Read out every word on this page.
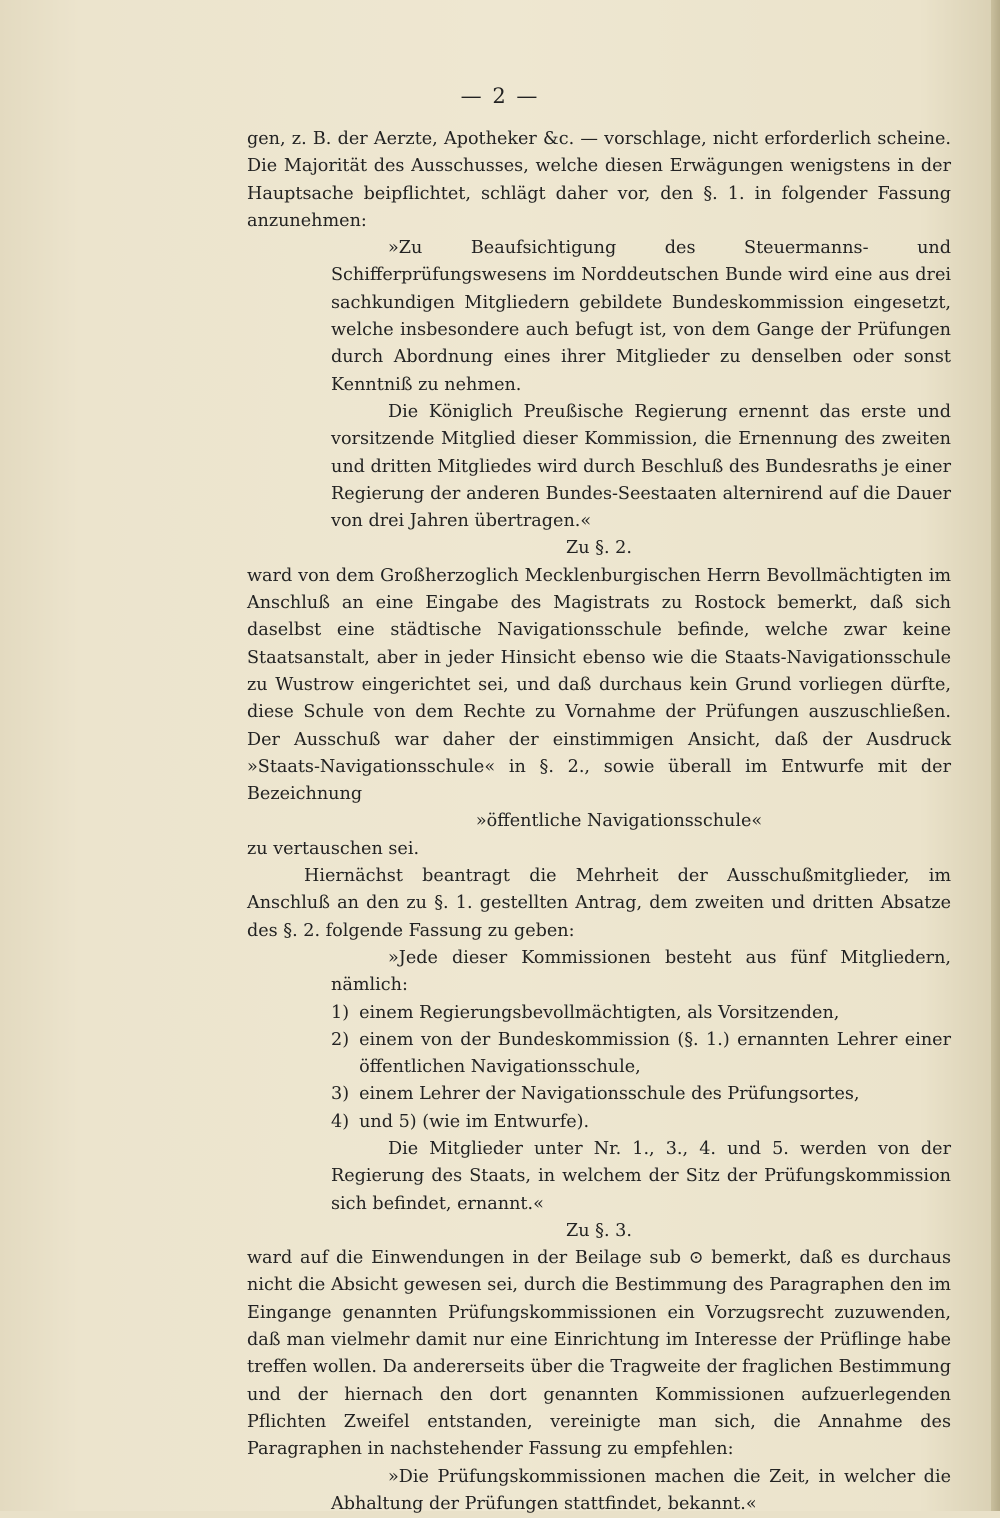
— 2 —

gen, z. B. der Aerzte, Apotheker &c. — vorschlage, nicht erforderlich scheine. Die Majorität des Ausschusses, welche diesen Erwägungen wenigstens in der Hauptsache beipflichtet, schlägt daher vor, den §. 1. in folgender Fassung anzunehmen:

»Zu Beaufsichtigung des Steuermanns- und Schifferprüfungswesens im Norddeutschen Bunde wird eine aus drei sachkundigen Mitgliedern gebildete Bundeskommission eingesetzt, welche insbesondere auch befugt ist, von dem Gange der Prüfungen durch Abordnung eines ihrer Mitglieder zu denselben oder sonst Kenntniß zu nehmen.

Die Königlich Preußische Regierung ernennt das erste und vorsitzende Mitglied dieser Kommission, die Ernennung des zweiten und dritten Mitgliedes wird durch Beschluß des Bundesraths je einer Regierung der anderen Bundes-Seestaaten alternirend auf die Dauer von drei Jahren übertragen.«

Zu §. 2.

ward von dem Großherzoglich Mecklenburgischen Herrn Bevollmächtigten im Anschluß an eine Eingabe des Magistrats zu Rostock bemerkt, daß sich daselbst eine städtische Navigationsschule befinde, welche zwar keine Staatsanstalt, aber in jeder Hinsicht ebenso wie die Staats-Navigationsschule zu Wustrow eingerichtet sei, und daß durchaus kein Grund vorliegen dürfte, diese Schule von dem Rechte zu Vornahme der Prüfungen auszuschließen. Der Ausschuß war daher der einstimmigen Ansicht, daß der Ausdruck »Staats-Navigationsschule« in §. 2., sowie überall im Entwurfe mit der Bezeichnung

»öffentliche Navigationsschule«

zu vertauschen sei.

Hiernächst beantragt die Mehrheit der Ausschußmitglieder, im Anschluß an den zu §. 1. gestellten Antrag, dem zweiten und dritten Absatze des §. 2. folgende Fassung zu geben:

»Jede dieser Kommissionen besteht aus fünf Mitgliedern, nämlich:

1) einem Regierungsbevollmächtigten, als Vorsitzenden,
2) einem von der Bundeskommission (§. 1.) ernannten Lehrer einer öffentlichen Navigationsschule,
3) einem Lehrer der Navigationsschule des Prüfungsortes,
4) und 5) (wie im Entwurfe).

Die Mitglieder unter Nr. 1., 3., 4. und 5. werden von der Regierung des Staats, in welchem der Sitz der Prüfungskommission sich befindet, ernannt.«

Zu §. 3.

ward auf die Einwendungen in der Beilage sub ⊙ bemerkt, daß es durchaus nicht die Absicht gewesen sei, durch die Bestimmung des Paragraphen den im Eingange genannten Prüfungskommissionen ein Vorzugsrecht zuzuwenden, daß man vielmehr damit nur eine Einrichtung im Interesse der Prüflinge habe treffen wollen. Da andererseits über die Tragweite der fraglichen Bestimmung und der hiernach den dort genannten Kommissionen aufzuerlegenden Pflichten Zweifel entstanden, vereinigte man sich, die Annahme des Paragraphen in nachstehender Fassung zu empfehlen:

»Die Prüfungskommissionen machen die Zeit, in welcher die Abhaltung der Prüfungen stattfindet, bekannt.«
